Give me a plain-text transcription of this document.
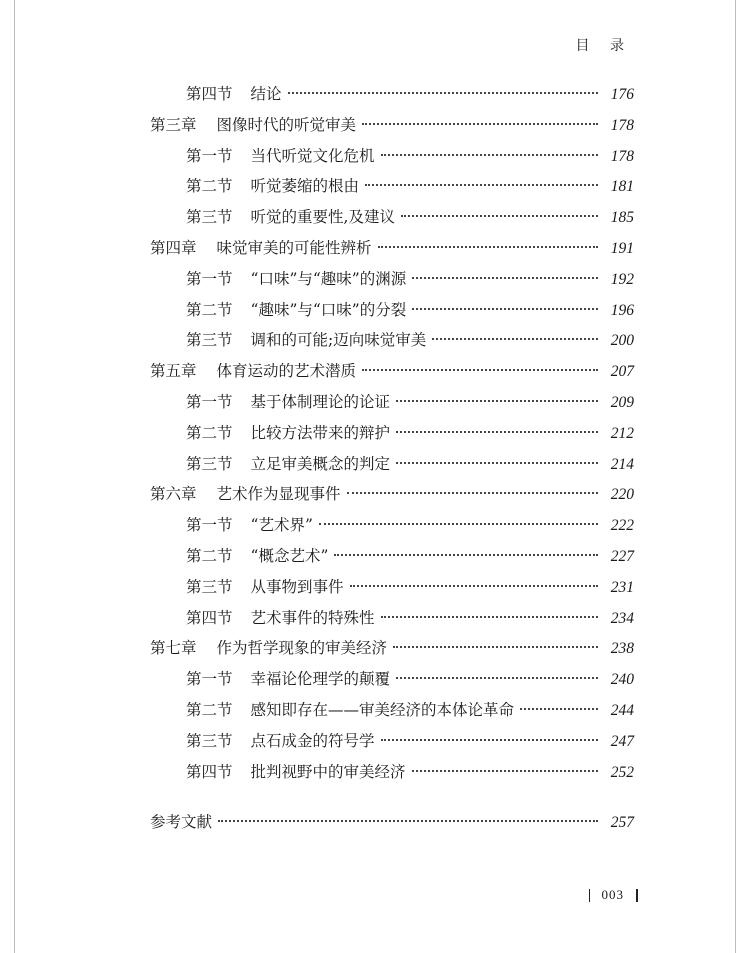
目 录
第四节 结论	176
第三章 图像时代的听觉审美	178
第一节 当代听觉文化危机	178
第二节 听觉萎缩的根由	181
第三节 听觉的重要性,及建议	185
第四章 味觉审美的可能性辨析	191
第一节 “口味”与“趣味”的渊源	192
第二节 “趣味”与“口味”的分裂	196
第三节 调和的可能;迈向味觉审美	200
第五章 体育运动的艺术潜质	207
第一节 基于体制理论的论证	209
第二节 比较方法带来的辩护	212
第三节 立足审美概念的判定	214
第六章 艺术作为显现事件	220
第一节 “艺术界”	222
第二节 “概念艺术”	227
第三节 从事物到事件	231
第四节 艺术事件的特殊性	234
第七章 作为哲学现象的审美经济	238
第一节 幸福论伦理学的颠覆	240
第二节 感知即存在——审美经济的本体论革命	244
第三节 点石成金的符号学	247
第四节 批判视野中的审美经济	252
参考文献	257
003
